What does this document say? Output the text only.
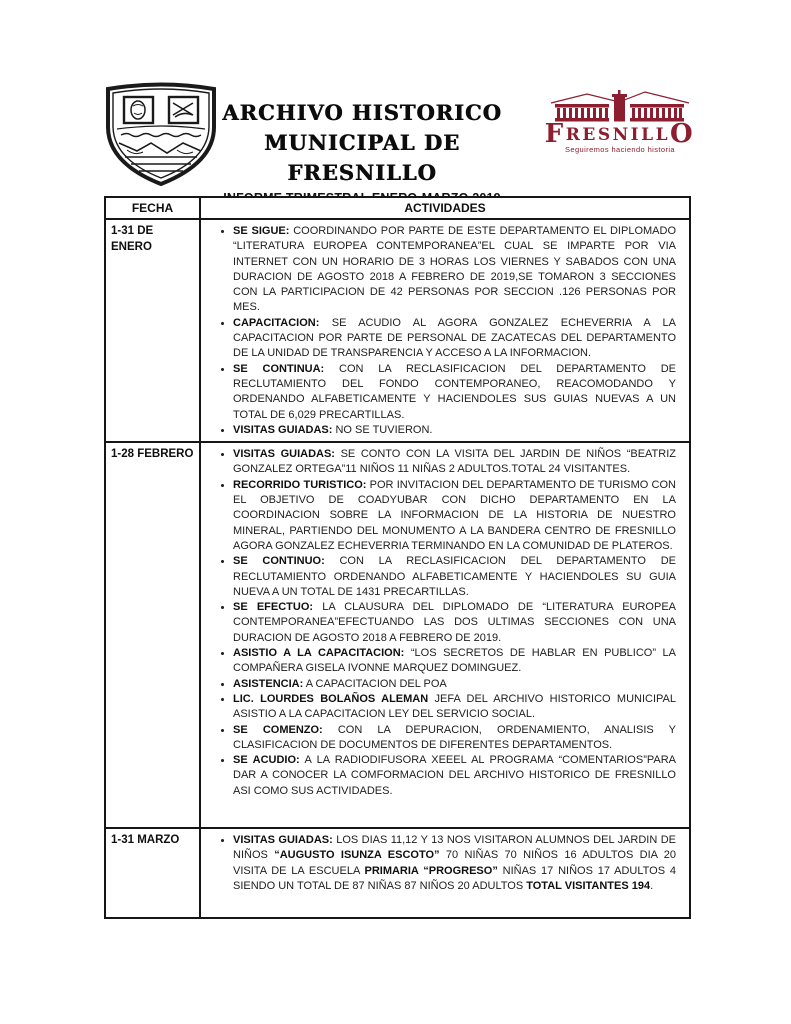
ARCHIVO HISTORICO
MUNICIPAL DE FRESNILLO
FRESNILLO
Seguiremos haciendo historia
FECHA	ACTIVIDADES
1-31 DE ENERO	
• SE SIGUE: COORDINANDO POR PARTE DE ESTE DEPARTAMENTO EL DIPLOMADO “LITERATURA EUROPEA CONTEMPORANEA”EL CUAL SE IMPARTE POR VIA INTERNET CON UN HORARIO DE 3 HORAS LOS VIERNES Y SABADOS CON UNA DURACION DE AGOSTO 2018 A FEBRERO DE 2019,SE TOMARON 3 SECCIONES CON LA PARTICIPACION DE 42 PERSONAS POR SECCION .126 PERSONAS POR MES.
• CAPACITACION: SE ACUDIO AL AGORA GONZALEZ ECHEVERRIA A LA CAPACITACION POR PARTE DE PERSONAL DE ZACATECAS DEL DEPARTAMENTO DE LA UNIDAD DE TRANSPARENCIA Y ACCESO A LA INFORMACION.
• SE CONTINUA: CON LA RECLASIFICACION DEL DEPARTAMENTO DE RECLUTAMIENTO DEL FONDO CONTEMPORANEO, REACOMODANDO Y ORDENANDO ALFABETICAMENTE Y HACIENDOLES SUS GUIAS NUEVAS A UN TOTAL DE 6,029 PRECARTILLAS.
• VISITAS GUIADAS: NO SE TUVIERON.

1-28 FEBRERO	
•VISITAS GUIADAS: SE CONTO CON LA VISITA DEL JARDIN DE NIÑOS “BEATRIZ GONZALEZ ORTEGA”11 NIÑOS 11 NIÑAS 2 ADULTOS.TOTAL 24 VISITANTES.
• RECORRIDO TURISTICO: POR INVITACION DEL DEPARTAMENTO DE TURISMO CON EL OBJETIVO DE COADYUBAR CON DICHO DEPARTAMENTO EN LA COORDINACION SOBRE LA INFORMACION DE LA HISTORIA DE NUESTRO MINERAL, PARTIENDO DEL MONUMENTO A LA BANDERA CENTRO DE FRESNILLO AGORA GONZALEZ ECHEVERRIA TERMINANDO EN LA COMUNIDAD DE PLATEROS.
• SE CONTINUO: CON LA RECLASIFICACION DEL DEPARTAMENTO DE RECLUTAMIENTO ORDENANDO ALFABETICAMENTE Y HACIENDOLES SU GUIA NUEVA A UN TOTAL DE 1431 PRECARTILLAS.
• SE EFECTUO: LA CLAUSURA DEL DIPLOMADO DE “LITERATURA EUROPEA CONTEMPORANEA”EFECTUANDO LAS DOS ULTIMAS SECCIONES CON UNA DURACION DE AGOSTO 2018 A FEBRERO DE 2019.
• ASISTIO A LA CAPACITACION: “LOS SECRETOS DE HABLAR EN PUBLICO” LA COMPAÑERA GISELA IVONNE MARQUEZ DOMINGUEZ.
• ASISTENCIA: A CAPACITACION DEL POA
• LIC. LOURDES BOLAÑOS ALEMAN JEFA DEL ARCHIVO HISTORICO MUNICIPAL ASISTIO A LA CAPACITACION LEY DEL SERVICIO SOCIAL.
• SE COMENZO: CON LA DEPURACION, ORDENAMIENTO, ANALISIS Y CLASIFICACION DE DOCUMENTOS DE DIFERENTES DEPARTAMENTOS.
• SE ACUDIO: A LA RADIODIFUSORA XEEEL AL PROGRAMA “COMENTARIOS”PARA DAR A CONOCER LA COMFORMACION DEL ARCHIVO HISTORICO DE FRESNILLO ASI COMO SUS ACTIVIDADES.

1-31 MARZO	
•VISITAS GUIADAS: LOS DIAS 11,12 Y 13 NOS VISITARON ALUMNOS DEL JARDIN DE NIÑOS “AUGUSTO ISUNZA ESCOTO” 70 NIÑAS 70 NIÑOS 16 ADULTOS DIA 20 VISITA DE LA ESCUELA PRIMARIA “PROGRESO” NIÑAS 17 NIÑOS 17 ADULTOS 4 SIENDO UN TOTAL DE 87 NIÑAS 87 NIÑOS 20 ADULTOS TOTAL VISITANTES 194.
